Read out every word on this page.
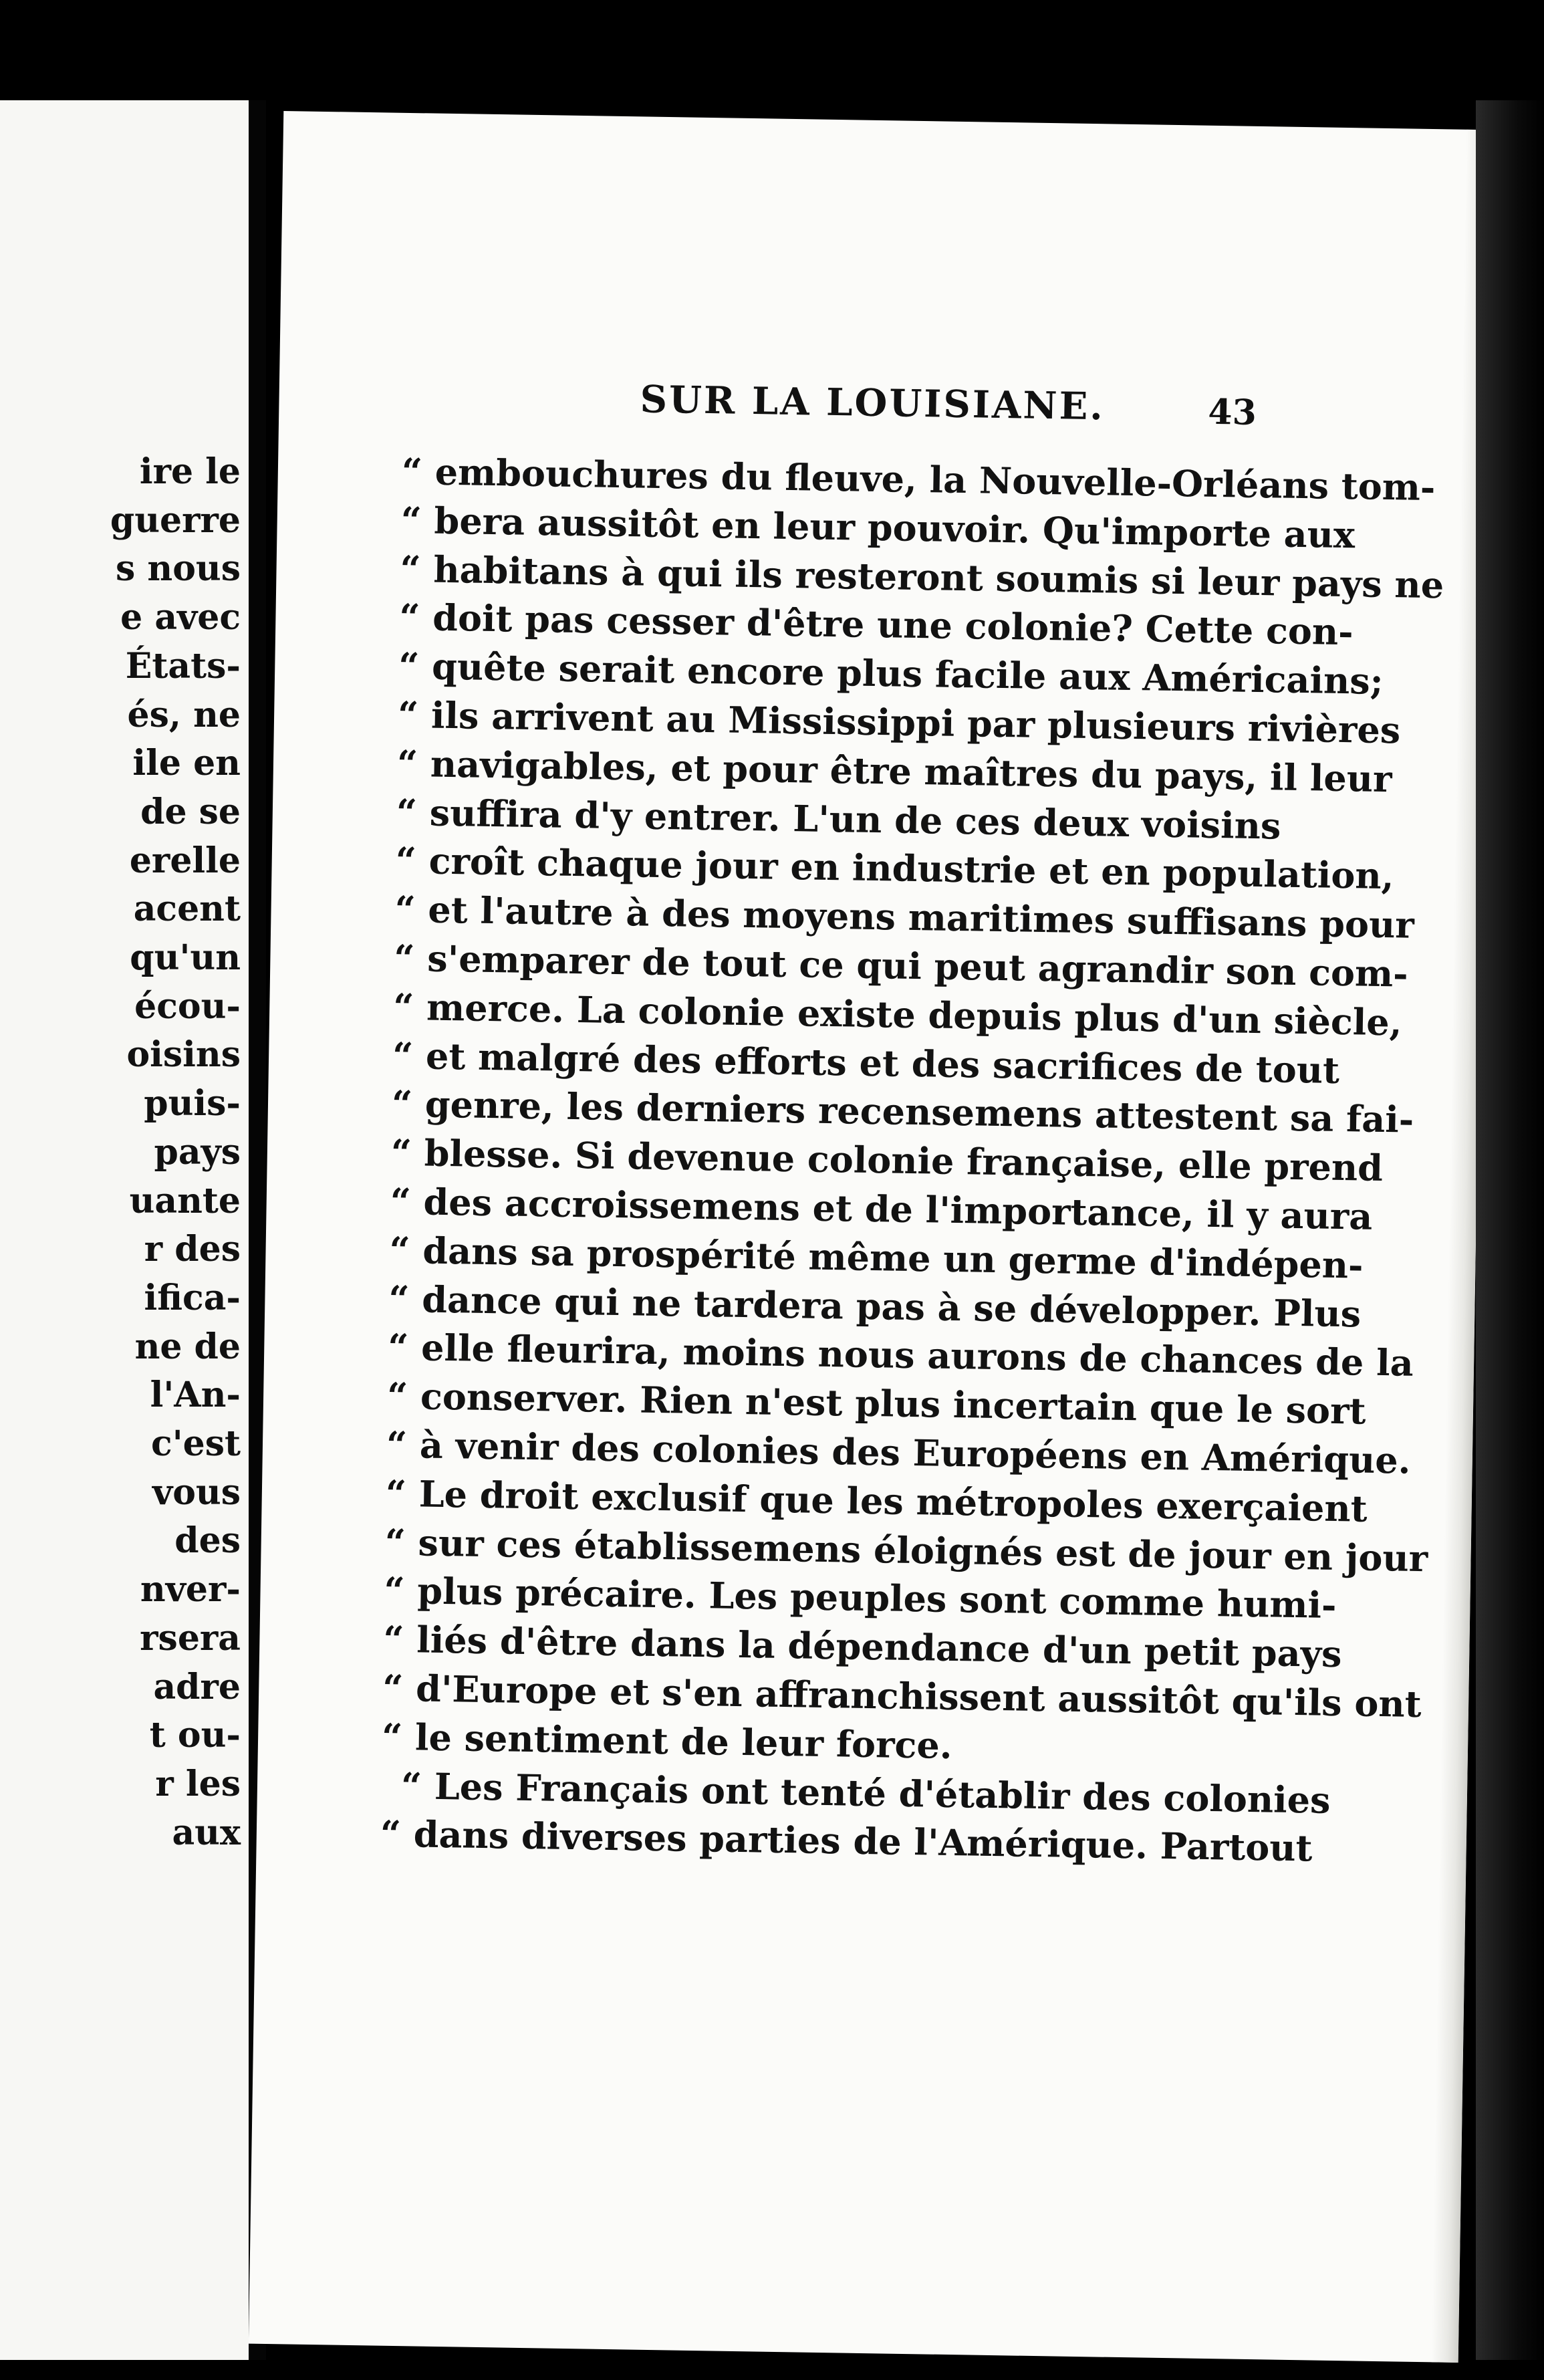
ire le
guerre
s nous
e avec
États-
és, ne
ile en
de se
erelle
acent
qu'un
écou-
oisins
puis-
pays
uante
r des
ifica-
ne de
l'An-
c'est
vous
des
nver-
rsera
adre
t ou-
r les
aux
SUR LA LOUISIANE.	43
“ embouchures du fleuve, la Nouvelle-Orléans tom-
“ bera aussitôt en leur pouvoir. Qu'importe aux
“ habitans à qui ils resteront soumis si leur pays ne
“ doit pas cesser d'être une colonie? Cette con-
“ quête serait encore plus facile aux Américains;
“ ils arrivent au Mississippi par plusieurs rivières
“ navigables, et pour être maîtres du pays, il leur
“ suffira d'y entrer. L'un de ces deux voisins
“ croît chaque jour en industrie et en population,
“ et l'autre à des moyens maritimes suffisans pour
“ s'emparer de tout ce qui peut agrandir son com-
“ merce. La colonie existe depuis plus d'un siècle,
“ et malgré des efforts et des sacrifices de tout
“ genre, les derniers recensemens attestent sa fai-
“ blesse. Si devenue colonie française, elle prend
“ des accroissemens et de l'importance, il y aura
“ dans sa prospérité même un germe d'indépen-
“ dance qui ne tardera pas à se développer. Plus
“ elle fleurira, moins nous aurons de chances de la
“ conserver. Rien n'est plus incertain que le sort
“ à venir des colonies des Européens en Amérique.
“ Le droit exclusif que les métropoles exerçaient
“ sur ces établissemens éloignés est de jour en jour
“ plus précaire. Les peuples sont comme humi-
“ liés d'être dans la dépendance d'un petit pays
“ d'Europe et s'en affranchissent aussitôt qu'ils ont
“ le sentiment de leur force.
“ Les Français ont tenté d'établir des colonies
“ dans diverses parties de l'Amérique. Partout
